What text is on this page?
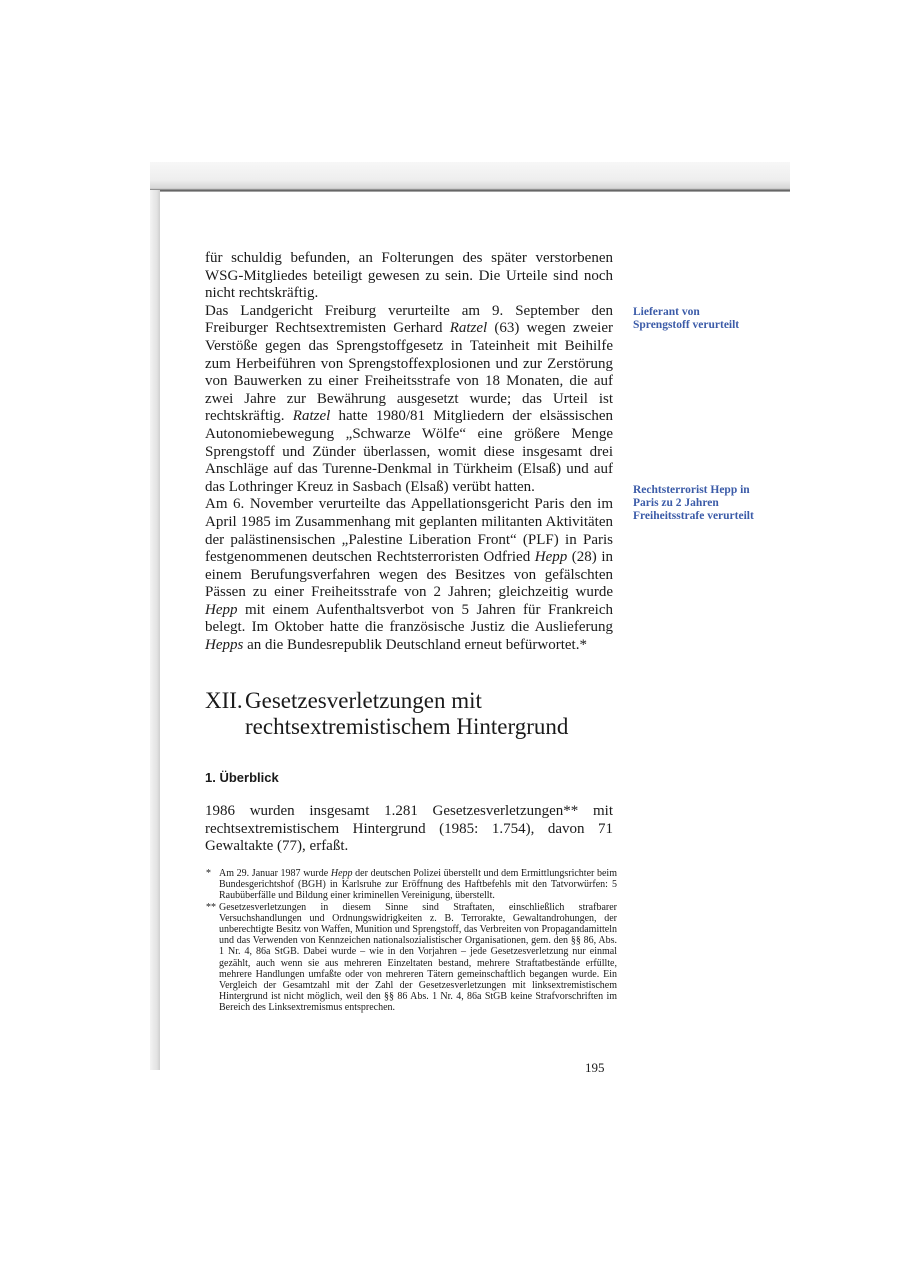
für schuldig befunden, an Folterungen des später verstorbenen WSG-Mitgliedes beteiligt gewesen zu sein. Die Urteile sind noch nicht rechtskräftig.

Das Landgericht Freiburg verurteilte am 9. September den Freiburger Rechtsextremisten Gerhard Ratzel (63) wegen zweier Verstöße gegen das Sprengstoffgesetz in Tateinheit mit Beihilfe zum Herbeiführen von Sprengstoffexplosionen und zur Zerstörung von Bauwerken zu einer Freiheitsstrafe von 18 Monaten, die auf zwei Jahre zur Bewährung ausgesetzt wurde; das Urteil ist rechtskräftig. Ratzel hatte 1980/81 Mitgliedern der elsässischen Autonomiebewegung „Schwarze Wölfe“ eine größere Menge Sprengstoff und Zünder überlassen, womit diese insgesamt drei Anschläge auf das Turenne-Denkmal in Türkheim (Elsaß) und auf das Lothringer Kreuz in Sasbach (Elsaß) verübt hatten.

Am 6. November verurteilte das Appellationsgericht Paris den im April 1985 im Zusammenhang mit geplanten militanten Aktivitäten der palästinensischen „Palestine Liberation Front“ (PLF) in Paris festgenommenen deutschen Rechtsterroristen Odfried Hepp (28) in einem Berufungsverfahren wegen des Besitzes von gefälschten Pässen zu einer Freiheitsstrafe von 2 Jahren; gleichzeitig wurde Hepp mit einem Aufenthaltsverbot von 5 Jahren für Frankreich belegt. Im Oktober hatte die französische Justiz die Auslieferung Hepps an die Bundesrepublik Deutschland erneut befürwortet.*

Lieferant von Sprengstoff verurteilt
Rechtsterrorist Hepp in Paris zu 2 Jahren Freiheitsstrafe verurteilt
XII. Gesetzesverletzungen mit rechtsextremistischem Hintergrund
1. Überblick

1986 wurden insgesamt 1.281 Gesetzesverletzungen** mit rechtsextremistischem Hintergrund (1985: 1.754), davon 71 Gewaltakte (77), erfaßt.

* Am 29. Januar 1987 wurde Hepp der deutschen Polizei überstellt und dem Ermittlungsrichter beim Bundesgerichtshof (BGH) in Karlsruhe zur Eröffnung des Haftbefehls mit den Tatvorwürfen: 5 Raubüberfälle und Bildung einer kriminellen Vereinigung, überstellt.

** Gesetzesverletzungen in diesem Sinne sind Straftaten, einschließlich strafbarer Versuchshandlungen und Ordnungswidrigkeiten z. B. Terrorakte, Gewaltandrohungen, der unberechtigte Besitz von Waffen, Munition und Sprengstoff, das Verbreiten von Propagandamitteln und das Verwenden von Kennzeichen nationalsozialistischer Organisationen, gem. den §§ 86, Abs. 1 Nr. 4, 86a StGB. Dabei wurde – wie in den Vorjahren – jede Gesetzesverletzung nur einmal gezählt, auch wenn sie aus mehreren Einzeltaten bestand, mehrere Straftatbestände erfüllte, mehrere Handlungen umfaßte oder von mehreren Tätern gemeinschaftlich begangen wurde. Ein Vergleich der Gesamtzahl mit der Zahl der Gesetzesverletzungen mit linksextremistischem Hintergrund ist nicht möglich, weil den §§ 86 Abs. 1 Nr. 4, 86a StGB keine Strafvorschriften im Bereich des Linksextremismus entsprechen.

195
